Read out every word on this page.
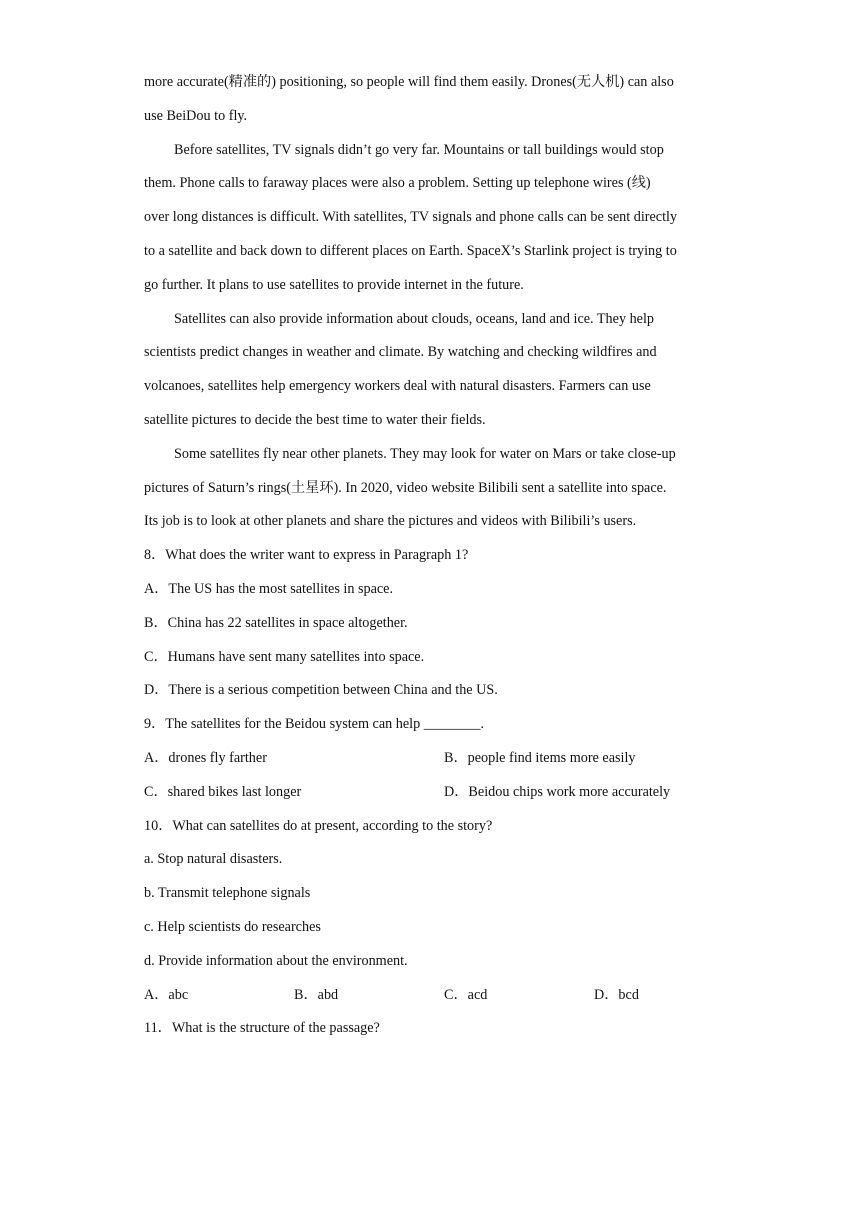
more accurate(精准的) positioning, so people will find them easily. Drones(无人机) can also
use BeiDou to fly.
Before satellites, TV signals didn’t go very far. Mountains or tall buildings would stop
them. Phone calls to faraway places were also a problem. Setting up telephone wires (线)
over long distances is difficult. With satellites, TV signals and phone calls can be sent directly
to a satellite and back down to different places on Earth. SpaceX’s Starlink project is trying to
go further. It plans to use satellites to provide internet in the future.
Satellites can also provide information about clouds, oceans, land and ice. They help
scientists predict changes in weather and climate. By watching and checking wildfires and
volcanoes, satellites help emergency workers deal with natural disasters. Farmers can use
satellite pictures to decide the best time to water their fields.
Some satellites fly near other planets. They may look for water on Mars or take close-up
pictures of Saturn’s rings(土星环). In 2020, video website Bilibili sent a satellite into space.
Its job is to look at other planets and share the pictures and videos with Bilibili’s users.
8．What does the writer want to express in Paragraph 1?
A．The US has the most satellites in space.
B．China has 22 satellites in space altogether.
C．Humans have sent many satellites into space.
D．There is a serious competition between China and the US.
9．The satellites for the Beidou system can help ________.
A．drones fly farther	B．people find items more easily
C．shared bikes last longer	D．Beidou chips work more accurately
10．What can satellites do at present, according to the story?
a. Stop natural disasters.
b. Transmit telephone signals
c. Help scientists do researches
d. Provide information about the environment.
A．abc	B．abd	C．acd	D．bcd
11．What is the structure of the passage?
